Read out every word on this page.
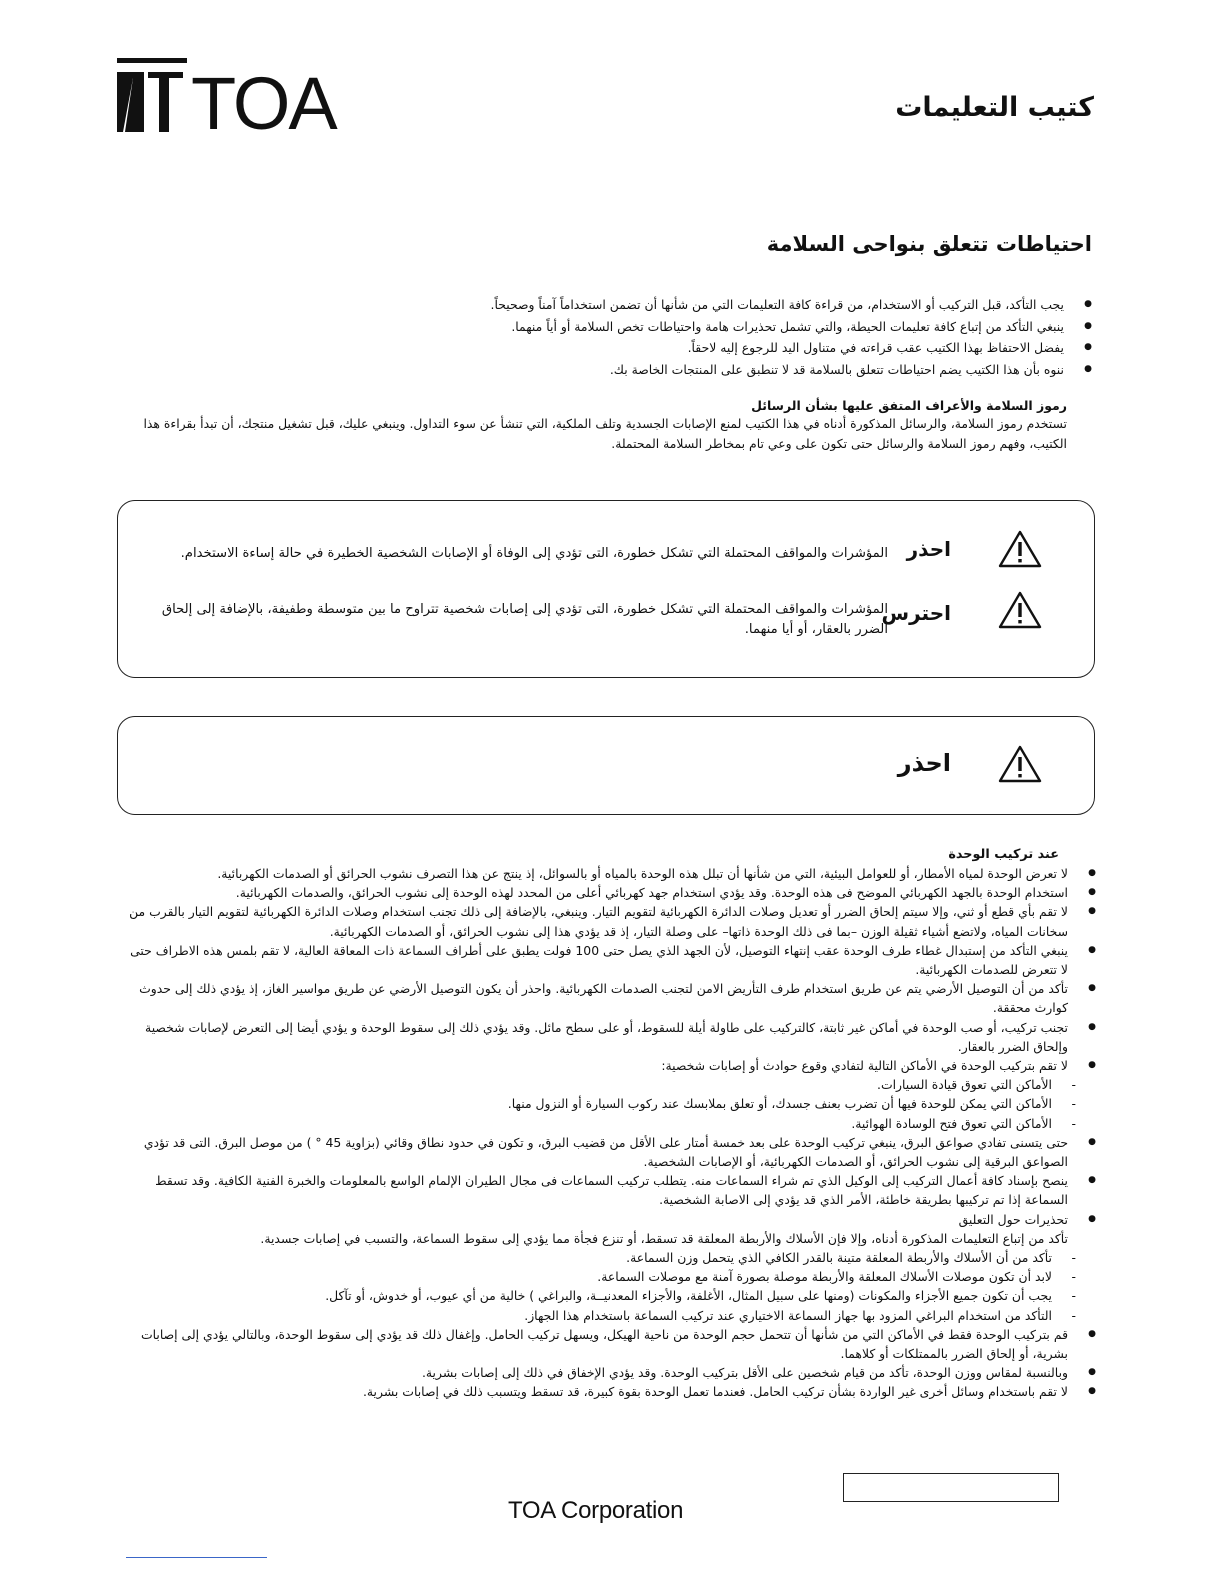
TOA	كتيب التعليمات
احتياطات تتعلق بنواحى السلامة
● يجب التأكد، قبل التركيب أو الاستخدام، من قراءة كافة التعليمات التي من شأنها أن تضمن استخداماً آمناً وصحيحاً.
● ينبغي التأكد من إتباع كافة تعليمات الحيطة، والتي تشمل تحذيرات هامة واحتياطات تخص السلامة أو أياً منهما.
● يفضل الاحتفاظ بهذا الكتيب عقب قراءته في متناول اليد للرجوع إليه لاحقاً.
● ننوه بأن هذا الكتيب يضم احتياطات تتعلق بالسلامة قد لا تنطبق على المنتجات الخاصة بك.
رموز السلامة والأعراف المتفق عليها بشأن الرسائل
تستخدم رموز السلامة، والرسائل المذكورة أدناه في هذا الكتيب لمنع الإصابات الجسدية وتلف الملكية، التي تنشأ عن سوء التداول. وينبغي عليك، قبل تشغيل منتجك، أن تبدأ بقراءة هذا الكتيب، وفهم رموز السلامة والرسائل حتى تكون على وعي تام بمخاطر السلامة المحتملة.
احذر
المؤشرات والمواقف المحتملة التي تشكل خطورة، التى تؤدي إلى الوفاة أو الإصابات الشخصية الخطيرة في حالة إساءة الاستخدام.
احترس
المؤشرات والمواقف المحتملة التي تشكل خطورة، التى تؤدي إلى إصابات شخصية تتراوح ما بين متوسطة وطفيفة، بالإضافة إلى إلحاق الضرر بالعقار، أو أيا منهما.
احذر
عند تركيب الوحدة
● لا تعرض الوحدة لمياه الأمطار، أو للعوامل البيئية، التي من شأنها أن تبلل هذه الوحدة بالمياه أو بالسوائل، إذ ينتج عن هذا التصرف نشوب الحرائق أو الصدمات الكهربائية.
● استخدام الوحدة بالجهد الكهربائي الموضح فى هذه الوحدة. وقد يؤدي استخدام جهد كهربائي أعلى من المحدد لهذه الوحدة إلى نشوب الحرائق، والصدمات الكهربائية.
● لا تقم بأي قطع أو ثني، وإلا سيتم إلحاق الضرر أو تعديل وصلات الدائرة الكهربائية لتقويم التيار. وينبغي، بالإضافة إلى ذلك تجنب استخدام وصلات الدائرة الكهربائية لتقويم التيار بالقرب من سخانات المياه، ولاتضع أشياء ثقيلة الوزن –بما فى ذلك الوحدة ذاتها– على وصلة التيار، إذ قد يؤدي هذا إلى نشوب الحرائق، أو الصدمات الكهربائية.
● ينبغي التأكد من إستبدال غطاء طرف الوحدة عقب إنتهاء التوصيل، لأن الجهد الذي يصل حتى 100 فولت يطبق على أطراف السماعة ذات المعاقة العالية، لا تقم بلمس هذه الاطراف حتى لا تتعرض للصدمات الكهربائية.
● تأكد من أن التوصيل الأرضي يتم عن طريق استخدام طرف التأريض الامن لتجنب الصدمات الكهربائية. واحذر أن يكون التوصيل الأرضي عن طريق مواسير الغاز، إذ يؤدي ذلك إلى حدوث كوارث محققة.
● تجنب تركيب، أو صب الوحدة في أماكن غير ثابتة، كالتركيب على طاولة أيلة للسقوط، أو على سطح مائل. وقد يؤدي ذلك إلى سقوط الوحدة و يؤدي أيضا إلى التعرض لإصابات شخصية وإلحاق الضرر بالعقار.
● لا تقم بتركيب الوحدة في الأماكن التالية لتفادي وقوع حوادث أو إصابات شخصية:
- الأماكن التي تعوق قيادة السيارات.
- الأماكن التي يمكن للوحدة فيها أن تضرب بعنف جسدك، أو تعلق بملابسك عند ركوب السيارة أو النزول منها.
- الأماكن التي تعوق فتح الوسادة الهوائية.
● حتى يتسنى تفادي صواعق البرق، ينبغي تركيب الوحدة على بعد خمسة أمتار على الأقل من قضيب البرق، و تكون في حدود نطاق وقائي (بزاوية 45 ° ) من موصل البرق. التى قد تؤدي الصواعق البرقية إلى نشوب الحرائق، أو الصدمات الكهربائية، أو الإصابات الشخصية.
● ينصح بإسناد كافة أعمال التركيب إلى الوكيل الذي تم شراء السماعات منه. يتطلب تركيب السماعات فى مجال الطيران الإلمام الواسع بالمعلومات والخبرة الفنية الكافية. وقد تسقط السماعة إذا تم تركيبها بطريقة خاطئة، الأمر الذي قد يؤدي إلى الاصابة الشخصية.
● تحذيرات حول التعليق
تأكد من إتباع التعليمات المذكورة أدناه، وإلا فإن الأسلاك والأربطة المعلقة قد تسقط، أو تنزع فجأة مما يؤدي إلى سقوط السماعة، والتسبب في إصابات جسدية.
- تأكد من أن الأسلاك والأربطة المعلقة متينة بالقدر الكافي الذي يتحمل وزن السماعة.
- لابد أن تكون موصلات الأسلاك المعلقة والأربطة موصلة بصورة آمنة مع موصلات السماعة.
- يجب أن تكون جميع الأجزاء والمكونات (ومنها على سبيل المثال، الأغلفة، والأجزاء المعدنيــة، والبراغي ) خالية من أي عيوب، أو خدوش، أو تآكل.
- التأكد من استخدام البراغي المزود بها جهاز السماعة الاختياري عند تركيب السماعة باستخدام هذا الجهاز.
● قم بتركيب الوحدة فقط في الأماكن التي من شأنها أن تتحمل حجم الوحدة من ناحية الهيكل، ويسهل تركيب الحامل. وإغفال ذلك قد يؤدي إلى سقوط الوحدة، وبالتالي يؤدي إلى إصابات بشرية، أو إلحاق الضرر بالممتلكات أو كلاهما.
● وبالنسبة لمقاس ووزن الوحدة، تأكد من قيام شخصين على الأقل بتركيب الوحدة. وقد يؤدي الإخفاق في ذلك إلى إصابات بشرية.
● لا تقم باستخدام وسائل أخرى غير الواردة بشأن تركيب الحامل. فعندما تعمل الوحدة بقوة كبيرة، قد تسقط ويتسبب ذلك في إصابات بشرية.
TOA Corporation
